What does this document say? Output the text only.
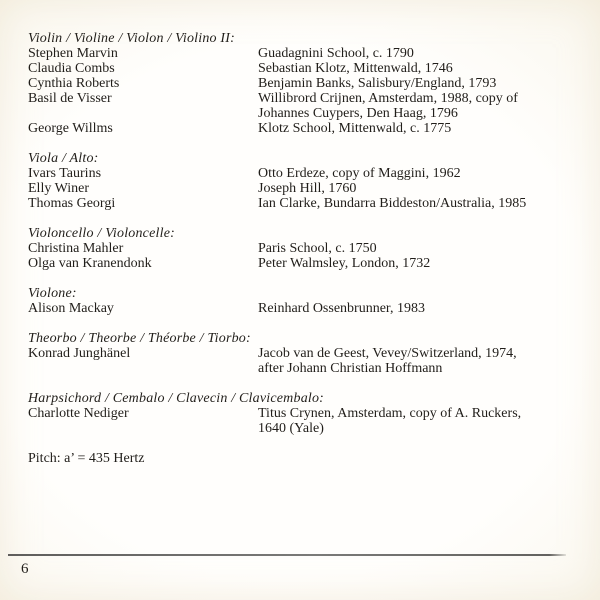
Violin / Violine / Violon / Violino II:
Stephen Marvin	Guadagnini School, c. 1790
Claudia Combs	Sebastian Klotz, Mittenwald, 1746
Cynthia Roberts	Benjamin Banks, Salisbury/England, 1793
Basil de Visser	Willibrord Crijnen, Amsterdam, 1988, copy of
Johannes Cuypers, Den Haag, 1796
George Willms	Klotz School, Mittenwald, c. 1775
Viola / Alto:
Ivars Taurins	Otto Erdeze, copy of Maggini, 1962
Elly Winer	Joseph Hill, 1760
Thomas Georgi	Ian Clarke, Bundarra Biddeston/Australia, 1985
Violoncello / Violoncelle:
Christina Mahler	Paris School, c. 1750
Olga van Kranendonk	Peter Walmsley, London, 1732
Violone:
Alison Mackay	Reinhard Ossenbrunner, 1983
Theorbo / Theorbe / Théorbe / Tiorbo:
Konrad Junghänel	Jacob van de Geest, Vevey/Switzerland, 1974,
after Johann Christian Hoffmann
Harpsichord / Cembalo / Clavecin / Clavicembalo:
Charlotte Nediger	Titus Crynen, Amsterdam, copy of A. Ruckers,
1640 (Yale)
Pitch: a’ = 435 Hertz
6
